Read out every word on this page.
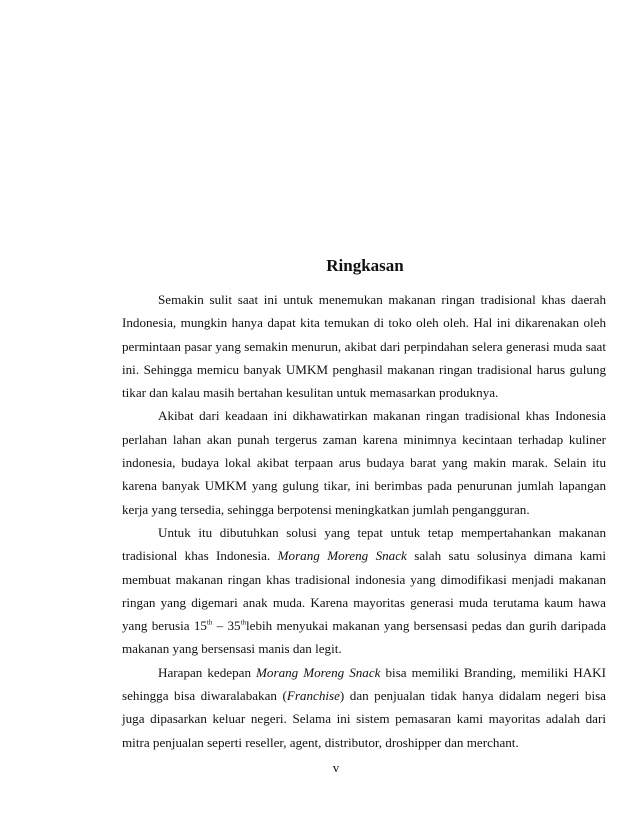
Ringkasan

Semakin sulit saat ini untuk menemukan makanan ringan tradisional khas daerah Indonesia, mungkin hanya dapat kita temukan di toko oleh oleh. Hal ini dikarenakan oleh permintaan pasar yang semakin menurun, akibat dari perpindahan selera generasi muda saat ini. Sehingga memicu banyak UMKM penghasil makanan ringan tradisional harus gulung tikar dan kalau masih bertahan kesulitan untuk memasarkan produknya.

Akibat dari keadaan ini dikhawatirkan makanan ringan tradisional khas Indonesia perlahan lahan akan punah tergerus zaman karena minimnya kecintaan terhadap kuliner indonesia, budaya lokal akibat terpaan arus budaya barat yang makin marak. Selain itu karena banyak UMKM yang gulung tikar, ini berimbas pada penurunan jumlah lapangan kerja yang tersedia, sehingga berpotensi meningkatkan jumlah pengangguran.

Untuk itu dibutuhkan solusi yang tepat untuk tetap mempertahankan makanan tradisional khas Indonesia. Morang Moreng Snack salah satu solusinya dimana kami membuat makanan ringan khas tradisional indonesia yang dimodifikasi menjadi makanan ringan yang digemari anak muda. Karena mayoritas generasi muda terutama kaum hawa yang berusia 15th – 35thlebih menyukai makanan yang bersensasi pedas dan gurih daripada makanan yang bersensasi manis dan legit.

Harapan kedepan Morang Moreng Snack bisa memiliki Branding, memiliki HAKI sehingga bisa diwaralabakan (Franchise) dan penjualan tidak hanya didalam negeri bisa juga dipasarkan keluar negeri. Selama ini sistem pemasaran kami mayoritas adalah dari mitra penjualan seperti reseller, agent, distributor, droshipper dan merchant.

v
